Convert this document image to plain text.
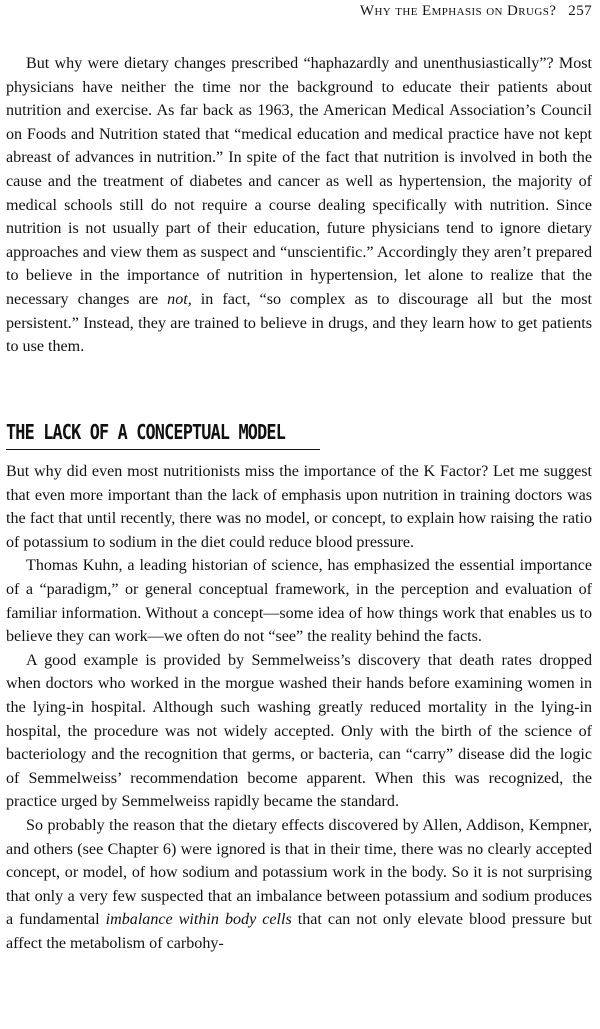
Why the Emphasis on Drugs? 257

But why were dietary changes prescribed “haphazardly and unenthusiastically”? Most physicians have neither the time nor the background to educate their patients about nutrition and exercise. As far back as 1963, the American Medical Association’s Council on Foods and Nutrition stated that “medical education and medical practice have not kept abreast of advances in nutrition.” In spite of the fact that nutrition is involved in both the cause and the treatment of diabetes and cancer as well as hypertension, the majority of medical schools still do not require a course dealing specifically with nutrition. Since nutrition is not usually part of their education, future physicians tend to ignore dietary approaches and view them as suspect and “unscientific.” Accordingly they aren’t prepared to believe in the importance of nutrition in hypertension, let alone to realize that the necessary changes are not, in fact, “so complex as to discourage all but the most persistent.” Instead, they are trained to believe in drugs, and they learn how to get patients to use them.

THE LACK OF A CONCEPTUAL MODEL

But why did even most nutritionists miss the importance of the K Factor? Let me suggest that even more important than the lack of emphasis upon nutrition in training doctors was the fact that until recently, there was no model, or concept, to explain how raising the ratio of potassium to sodium in the diet could reduce blood pressure.

Thomas Kuhn, a leading historian of science, has emphasized the essential importance of a “paradigm,” or general conceptual framework, in the perception and evaluation of familiar information. Without a concept—some idea of how things work that enables us to believe they can work—we often do not “see” the reality behind the facts.

A good example is provided by Semmelweiss’s discovery that death rates dropped when doctors who worked in the morgue washed their hands before examining women in the lying-in hospital. Although such washing greatly reduced mortality in the lying-in hospital, the procedure was not widely accepted. Only with the birth of the science of bacteriology and the recognition that germs, or bacteria, can “carry” disease did the logic of Semmelweiss’ recommendation become apparent. When this was recognized, the practice urged by Semmelweiss rapidly became the standard.

So probably the reason that the dietary effects discovered by Allen, Addison, Kempner, and others (see Chapter 6) were ignored is that in their time, there was no clearly accepted concept, or model, of how sodium and potassium work in the body. So it is not surprising that only a very few suspected that an imbalance between potassium and sodium produces a fundamental imbalance within body cells that can not only elevate blood pressure but affect the metabolism of carbohy-
